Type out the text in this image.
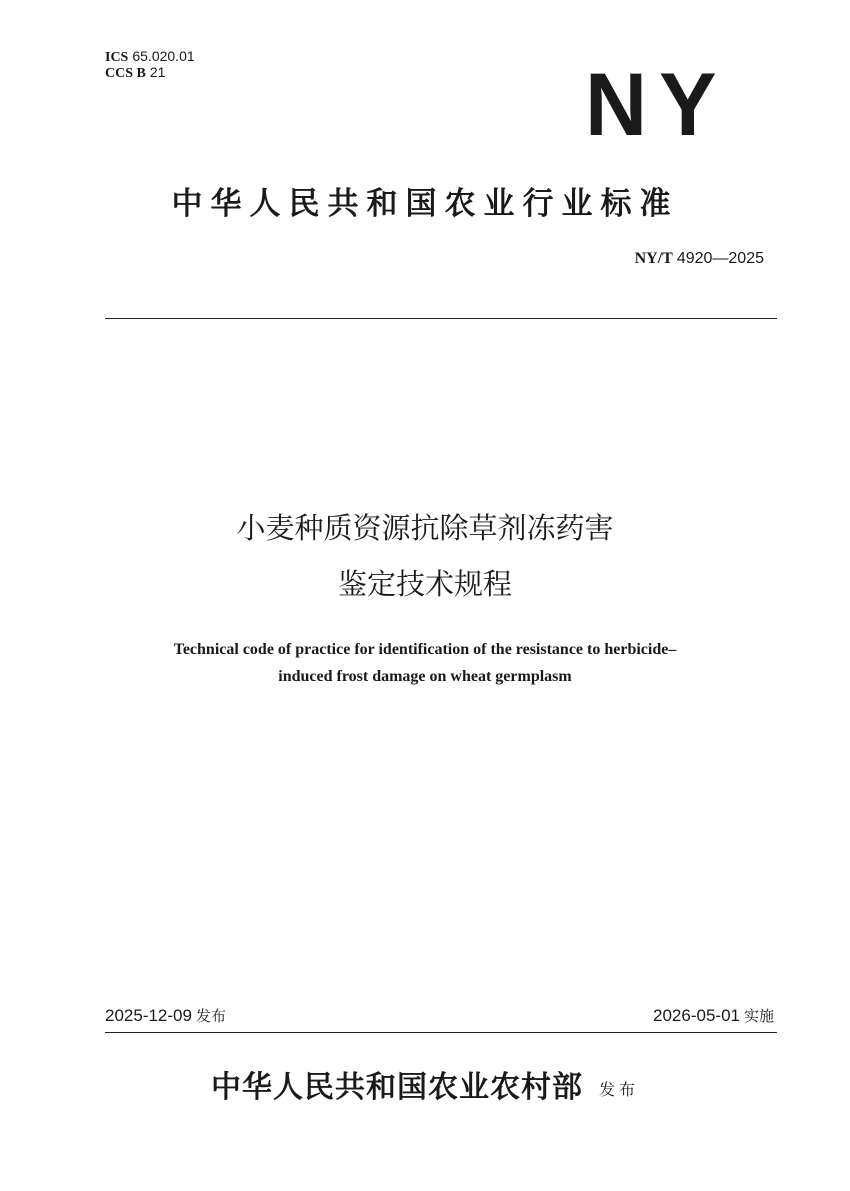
ICS 65.020.01
CCS B 21	NY
中华人民共和国农业行业标准
NY/T 4920—2025
小麦种质资源抗除草剂冻药害
鉴定技术规程
Technical code of practice for identification of the resistance to herbicide–
induced frost damage on wheat germplasm
2025-12-09 发布	2026-05-01 实施
中华人民共和国农业农村部 发布
